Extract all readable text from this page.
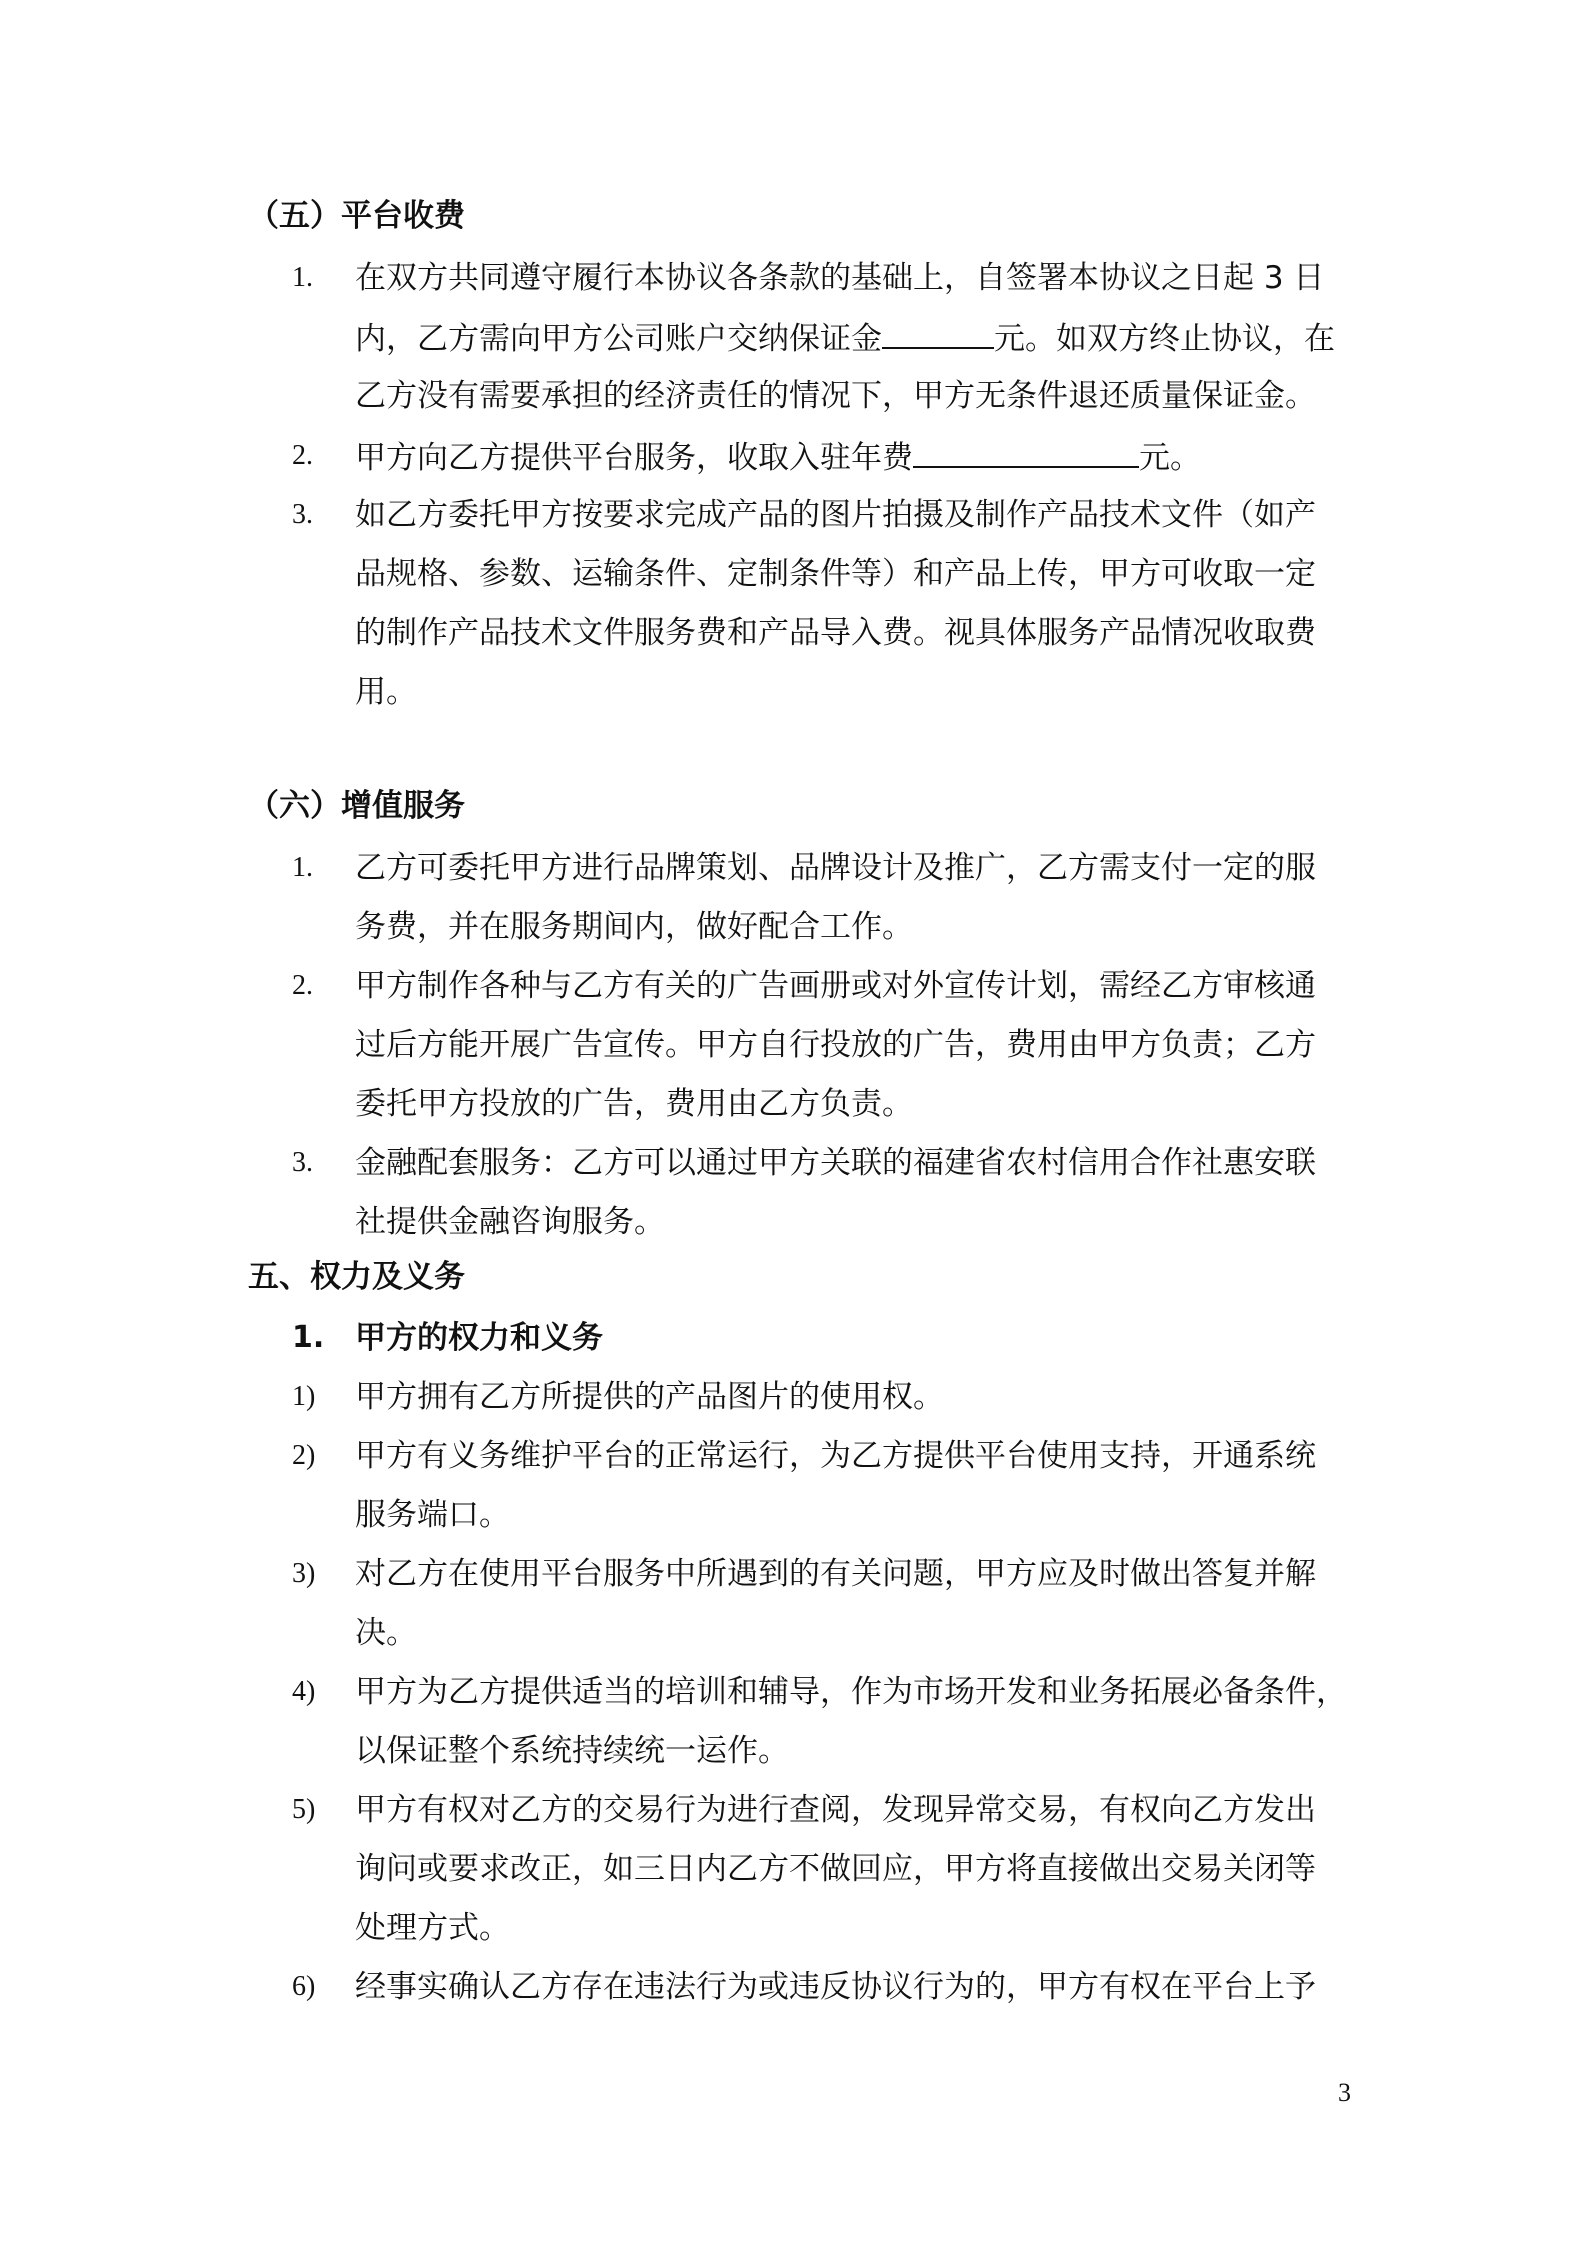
（五）平台收费
1. 在双方共同遵守履行本协议各条款的基础上，自签署本协议之日起 3 日
内，乙方需向甲方公司账户交纳保证金	元。如双方终止协议，在
乙方没有需要承担的经济责任的情况下，甲方无条件退还质量保证金。
2. 甲方向乙方提供平台服务，收取入驻年费	元。
3. 如乙方委托甲方按要求完成产品的图片拍摄及制作产品技术文件（如产
品规格、参数、运输条件、定制条件等）和产品上传，甲方可收取一定
的制作产品技术文件服务费和产品导入费。视具体服务产品情况收取费
用。
（六）增值服务
1. 乙方可委托甲方进行品牌策划、品牌设计及推广，乙方需支付一定的服
务费，并在服务期间内，做好配合工作。
2. 甲方制作各种与乙方有关的广告画册或对外宣传计划，需经乙方审核通
过后方能开展广告宣传。甲方自行投放的广告，费用由甲方负责；乙方
委托甲方投放的广告，费用由乙方负责。
3. 金融配套服务：乙方可以通过甲方关联的福建省农村信用合作社惠安联
社提供金融咨询服务。
五、权力及义务
1. 甲方的权力和义务
1) 甲方拥有乙方所提供的产品图片的使用权。
2) 甲方有义务维护平台的正常运行，为乙方提供平台使用支持，开通系统
服务端口。
3) 对乙方在使用平台服务中所遇到的有关问题，甲方应及时做出答复并解
决。
4) 甲方为乙方提供适当的培训和辅导，作为市场开发和业务拓展必备条件，
以保证整个系统持续统一运作。
5) 甲方有权对乙方的交易行为进行查阅，发现异常交易，有权向乙方发出
询问或要求改正，如三日内乙方不做回应，甲方将直接做出交易关闭等
处理方式。
6) 经事实确认乙方存在违法行为或违反协议行为的，甲方有权在平台上予
3
